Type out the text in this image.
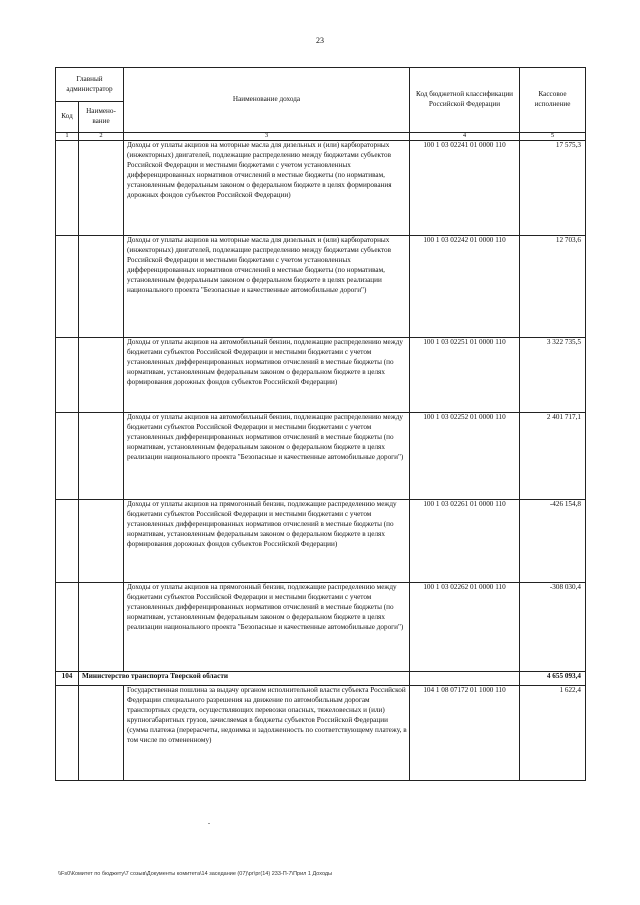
23
Главный администратор		Наименование дохода	Код бюджетной классификации Российской Федерации	Кассовое исполнение
Код	Наимено-вание			
1	2	3	4	5
		Доходы от уплаты акцизов на моторные масла для дизельных и (или) карбюраторных (инжекторных) двигателей, подлежащие распределению между бюджетами субъектов Российской Федерации и местными бюджетами с учетом установленных дифференцированных нормативов отчислений в местные бюджеты (по нормативам, установленным федеральным законом о федеральном бюджете в целях формирования дорожных фондов субъектов Российской Федерации)	100 1 03 02241 01 0000 110	17 575,3
		Доходы от уплаты акцизов на моторные масла для дизельных и (или) карбюраторных (инжекторных) двигателей, подлежащие распределению между бюджетами субъектов Российской Федерации и местными бюджетами с учетом установленных дифференцированных нормативов отчислений в местные бюджеты (по нормативам, установленным федеральным законом о федеральном бюджете в целях реализации национального проекта "Безопасные и качественные автомобильные дороги")	100 1 03 02242 01 0000 110	12 703,6
		Доходы от уплаты акцизов на автомобильный бензин, подлежащие распределению между бюджетами субъектов Российской Федерации и местными бюджетами с учетом установленных дифференцированных нормативов отчислений в местные бюджеты (по нормативам, установленным федеральным законом о федеральном бюджете в целях формирования дорожных фондов субъектов Российской Федерации)	100 1 03 02251 01 0000 110	3 322 735,5
		Доходы от уплаты акцизов на автомобильный бензин, подлежащие распределению между бюджетами субъектов Российской Федерации и местными бюджетами с учетом установленных дифференцированных нормативов отчислений в местные бюджеты (по нормативам, установленным федеральным законом о федеральном бюджете в целях реализации национального проекта "Безопасные и качественные автомобильные дороги")	100 1 03 02252 01 0000 110	2 401 717,1
		Доходы от уплаты акцизов на прямогонный бензин, подлежащие распределению между бюджетами субъектов Российской Федерации и местными бюджетами с учетом установленных дифференцированных нормативов отчислений в местные бюджеты (по нормативам, установленным федеральным законом о федеральном бюджете в целях формирования дорожных фондов субъектов Российской Федерации)	100 1 03 02261 01 0000 110	-426 154,8
		Доходы от уплаты акцизов на прямогонный бензин, подлежащие распределению между бюджетами субъектов Российской Федерации и местными бюджетами с учетом установленных дифференцированных нормативов отчислений в местные бюджеты (по нормативам, установленным федеральным законом о федеральном бюджете в целях реализации национального проекта "Безопасные и качественные автомобильные дороги")	100 1 03 02262 01 0000 110	-308 030,4
104	Министерство транспорта Тверской области			4 655 093,4
		Государственная пошлина за выдачу органом исполнительной власти субъекта Российской Федерации специального разрешения на движение по автомобильным дорогам транспортных средств, осуществляющих перевозки опасных, тяжеловесных и (или) крупногабаритных грузов, зачисляемая в бюджеты субъектов Российской Федерации (сумма платежа (перерасчеты, недоимка и задолженность по соответствующему платежу, в том числе по отмененному)	104 1 08 07172 01 1000 110	1 622,4
\\Fs0\Комитет по бюджету\7 созыв\Документы комитета\14 заседание (07)\рг\рг(14) 233-П-7\Прил 1 Доходы
